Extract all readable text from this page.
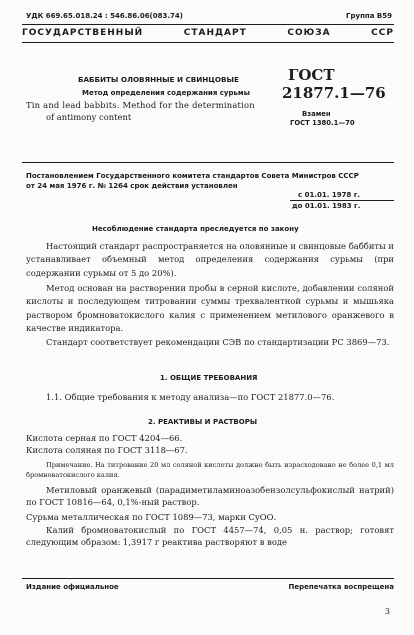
УДК 669.65.018.24 : 546.86.06(083.74)	Группа В59
ГОСУДАРСТВЕННЫЙ СТАНДАРТ СОЮЗА ССР
БАББИТЫ ОЛОВЯННЫЕ И СВИНЦОВЫЕ
Метод определения содержания сурьмы
Tin and lead babbits. Method for the determination
of antimony content
ГОСТ
21877.1—76
Взамен
ГОСТ 1380.1—70
Постановлением Государственного комитета стандартов Совета Министров СССР
от 24 мая 1976 г. № 1264 срок действия установлен
с 01.01. 1978 г.
до 01.01. 1983 г.
Несоблюдение стандарта преследуется по закону

Настоящий стандарт распространяется на оловянные и свинцовые баббиты и устанавливает объемный метод определения содержания сурьмы (при содержании сурьмы от 5 до 20%).

Метод основан на растворении пробы в серной кислоте, добавлении соляной кислоты и последующем титровании суммы трехвалентной сурьмы и мышьяка раствором бромноватокислого калия с применением метилового оранжевого в качестве индикатора.

Стандарт соответствует рекомендации СЭВ по стандартизации РС 3869—73.

1. ОБЩИЕ ТРЕБОВАНИЯ
1.1. Общие требования к методу анализа—по ГОСТ 21877.0—76.
2. РЕАКТИВЫ И РАСТВОРЫ
Кислота серная по ГОСТ 4204—66.
Кислота соляная по ГОСТ 3118—67.

Примечание. На титрование 20 мл соляной кислоты должно быть израсходовано не более 0,1 мл бромноватокислого калия.

Метиловый оранжевый (парадиметиламиноазобензолсульфокислый натрий) по ГОСТ 10816—64, 0,1%-ный раствор.

Сурьма металлическая по ГОСТ 1089—73, марки СуОО.

Калий бромноватокислый по ГОСТ 4457—74, 0,05 н. раствор; готовят следующим образом: 1,3917 г реактива растворяют в воде

Издание официальное	Перепечатка воспрещена
3
